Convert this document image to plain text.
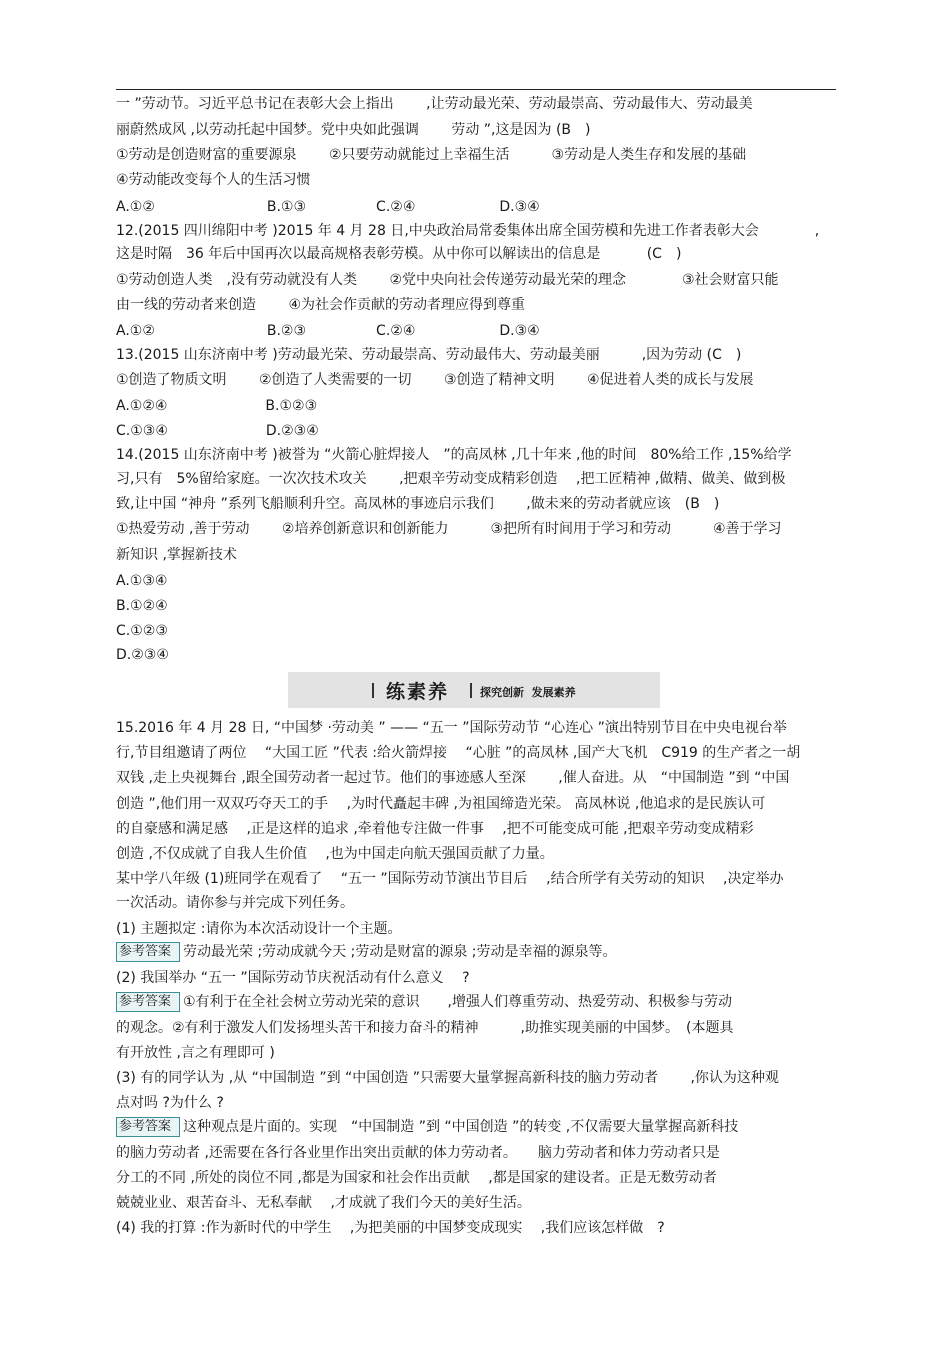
一 ”劳动节。习近平总书记在表彰大会上指出　　 ,让劳动最光荣、劳动最崇高、劳动最伟大、劳动最美
丽蔚然成风 ,以劳动托起中国梦。党中央如此强调　　 劳动 ”,这是因为 (B　)
①劳动是创造财富的重要源泉　　 ②只要劳动就能过上幸福生活　　　③劳动是人类生存和发展的基础
④劳动能改变每个人的生活习惯
A.①②　　　　　　　　B.①③　　　　　C.②④　　　　　　D.③④
12.(2015 四川绵阳中考 )2015 年 4 月 28 日,中央政治局常委集体出席全国劳模和先进工作者表彰大会　　　　,
这是时隔　36 年后中国再次以最高规格表彰劳模。从中你可以解读出的信息是　　　 (C　)
①劳动创造人类　,没有劳动就没有人类　　 ②党中央向社会传递劳动最光荣的理念　　　　③社会财富只能
由一线的劳动者来创造　　 ④为社会作贡献的劳动者理应得到尊重
A.①②　　　　　　　　B.②③　　　　　C.②④　　　　　　D.③④
13.(2015 山东济南中考 )劳动最光荣、劳动最崇高、劳动最伟大、劳动最美丽　　　,因为劳动 (C　)
①创造了物质文明　　 ②创造了人类需要的一切　　 ③创造了精神文明　　 ④促进着人类的成长与发展
A.①②④　　　　　　　B.①②③
C.①③④　　　　　　　D.②③④
14.(2015 山东济南中考 )被誉为 “火箭心脏焊接人　”的高凤林 ,几十年来 ,他的时间　80%给工作 ,15%给学
习,只有　5%留给家庭。一次次技术攻关　　 ,把艰辛劳动变成精彩创造　 ,把工匠精神 ,做精、做美、做到极
致,让中国 “神舟 ”系列飞船顺利升空。高凤林的事迹启示我们　　 ,做未来的劳动者就应该　(B　)
①热爱劳动 ,善于劳动　　 ②培养创新意识和创新能力　　　③把所有时间用于学习和劳动　　　④善于学习
新知识 ,掌握新技术
A.①③④
B.①②④
C.①②③
D.②③④
练素养	探究创新  发展素养
15.2016 年 4 月 28 日, “中国梦 ·劳动美 ” —— “五一 ”国际劳动节 “心连心 ”演出特别节目在中央电视台举
行,节目组邀请了两位　 “大国工匠 ”代表 :给火箭焊接　 “心脏 ”的高凤林 ,国产大飞机　C919 的生产者之一胡
双钱 ,走上央视舞台 ,跟全国劳动者一起过节。他们的事迹感人至深　　 ,催人奋进。从　“中国制造 ”到 “中国
创造 ”,他们用一双双巧夺天工的手　 ,为时代矗起丰碑 ,为祖国缔造光荣。 高凤林说 ,他追求的是民族认可
的自豪感和满足感　 ,正是这样的追求 ,牵着他专注做一件事　 ,把不可能变成可能 ,把艰辛劳动变成精彩
创造 ,不仅成就了自我人生价值　 ,也为中国走向航天强国贡献了力量。
某中学八年级 (1)班同学在观看了　 “五一 ”国际劳动节演出节目后　 ,结合所学有关劳动的知识　 ,决定举办
一次活动。请你参与并完成下列任务。
(1) 主题拟定 :请你为本次活动设计一个主题。
参考答案 劳动最光荣 ;劳动成就今天 ;劳动是财富的源泉 ;劳动是幸福的源泉等。
(2) 我国举办 “五一 ”国际劳动节庆祝活动有什么意义　 ?
参考答案 ①有利于在全社会树立劳动光荣的意识　　,增强人们尊重劳动、热爱劳动、积极参与劳动
的观念。②有利于激发人们发扬埋头苦干和接力奋斗的精神　　　,助推实现美丽的中国梦。　(本题具
有开放性 ,言之有理即可 )
(3) 有的同学认为 ,从 “中国制造 ”到 “中国创造 ”只需要大量掌握高新科技的脑力劳动者　　 ,你认为这种观
点对吗 ?为什么 ?
参考答案 这种观点是片面的。实现　“中国制造 ”到 “中国创造 ”的转变 ,不仅需要大量掌握高新科技
的脑力劳动者 ,还需要在各行各业里作出突出贡献的体力劳动者。　　脑力劳动者和体力劳动者只是
分工的不同 ,所处的岗位不同 ,都是为国家和社会作出贡献　 ,都是国家的建设者。正是无数劳动者
兢兢业业、艰苦奋斗、无私奉献　 ,才成就了我们今天的美好生活。
(4) 我的打算 :作为新时代的中学生　 ,为把美丽的中国梦变成现实　 ,我们应该怎样做　?
